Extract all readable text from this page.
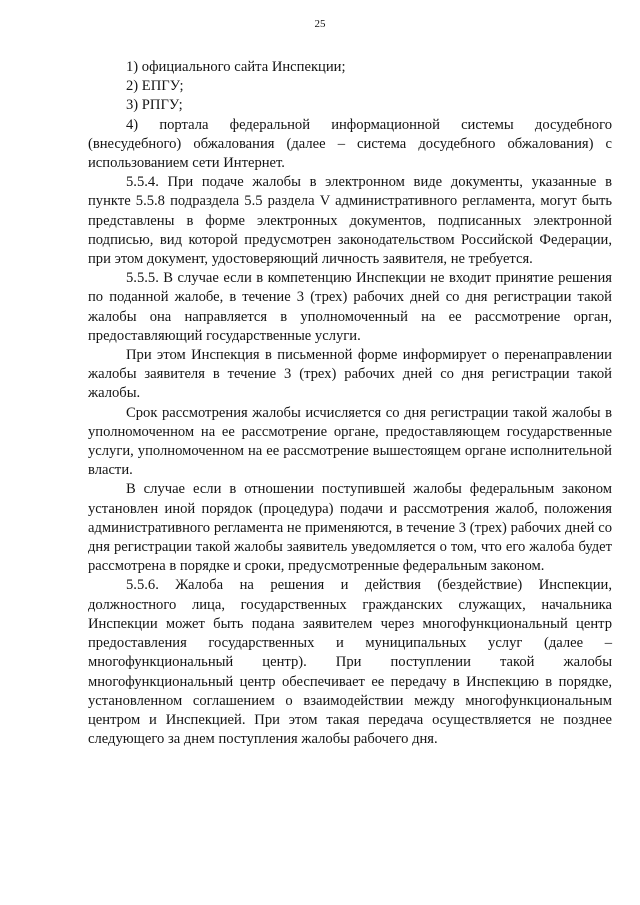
25

1) официального сайта Инспекции;

2) ЕПГУ;

3) РПГУ;

4) портала федеральной информационной системы досудебного (внесудебного) обжалования (далее – система досудебного обжалования) с использованием сети Интернет.

5.5.4. При подаче жалобы в электронном виде документы, указанные в пункте 5.5.8 подраздела 5.5 раздела V административного регламента, могут быть представлены в форме электронных документов, подписанных электронной подписью, вид которой предусмотрен законодательством Российской Федерации, при этом документ, удостоверяющий личность заявителя, не требуется.

5.5.5. В случае если в компетенцию Инспекции не входит принятие решения по поданной жалобе, в течение 3 (трех) рабочих дней со дня регистрации такой жалобы она направляется в уполномоченный на ее рассмотрение орган, предоставляющий государственные услуги.

При этом Инспекция в письменной форме информирует о перенаправлении жалобы заявителя в течение 3 (трех) рабочих дней со дня регистрации такой жалобы.

Срок рассмотрения жалобы исчисляется со дня регистрации такой жалобы в уполномоченном на ее рассмотрение органе, предоставляющем государственные услуги, уполномоченном на ее рассмотрение вышестоящем органе исполнительной власти.

В случае если в отношении поступившей жалобы федеральным законом установлен иной порядок (процедура) подачи и рассмотрения жалоб, положения административного регламента не применяются, в течение 3 (трех) рабочих дней со дня регистрации такой жалобы заявитель уведомляется о том, что его жалоба будет рассмотрена в порядке и сроки, предусмотренные федеральным законом.

5.5.6. Жалоба на решения и действия (бездействие) Инспекции, должностного лица, государственных гражданских служащих, начальника Инспекции может быть подана заявителем через многофункциональный центр предоставления государственных и муниципальных услуг (далее – многофункциональный центр). При поступлении такой жалобы многофункциональный центр обеспечивает ее передачу в Инспекцию в порядке, установленном соглашением о взаимодействии между многофункциональным центром и Инспекцией. При этом такая передача осуществляется не позднее следующего за днем поступления жалобы рабочего дня.
